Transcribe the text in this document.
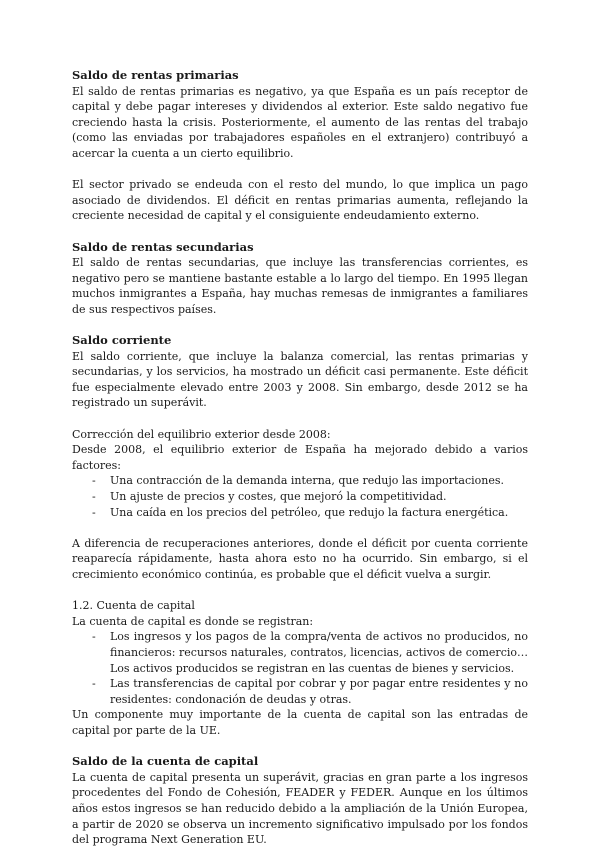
Saldo de rentas primarias

El saldo de rentas primarias es negativo, ya que España es un país receptor de capital y debe pagar intereses y dividendos al exterior. Este saldo negativo fue creciendo hasta la crisis. Posteriormente, el aumento de las rentas del trabajo (como las enviadas por trabajadores españoles en el extranjero) contribuyó a acercar la cuenta a un cierto equilibrio.

El sector privado se endeuda con el resto del mundo, lo que implica un pago asociado de dividendos. El déficit en rentas primarias aumenta, reflejando la creciente necesidad de capital y el consiguiente endeudamiento externo.

Saldo de rentas secundarias

El saldo de rentas secundarias, que incluye las transferencias corrientes, es negativo pero se mantiene bastante estable a lo largo del tiempo. En 1995 llegan muchos inmigrantes a España, hay muchas remesas de inmigrantes a familiares de sus respectivos países.

Saldo corriente

El saldo corriente, que incluye la balanza comercial, las rentas primarias y secundarias, y los servicios, ha mostrado un déficit casi permanente. Este déficit fue especialmente elevado entre 2003 y 2008. Sin embargo, desde 2012 se ha registrado un superávit.

Corrección del equilibrio exterior desde 2008:

Desde 2008, el equilibrio exterior de España ha mejorado debido a varios factores:

- Una contracción de la demanda interna, que redujo las importaciones.
- Un ajuste de precios y costes, que mejoró la competitividad.
- Una caída en los precios del petróleo, que redujo la factura energética.

A diferencia de recuperaciones anteriores, donde el déficit por cuenta corriente reaparecía rápidamente, hasta ahora esto no ha ocurrido. Sin embargo, si el crecimiento económico continúa, es probable que el déficit vuelva a surgir.

1.2. Cuenta de capital

La cuenta de capital es donde se registran:

- Los ingresos y los pagos de la compra/venta de activos no producidos, no financieros: recursos naturales, contratos, licencias, activos de comercio… Los activos producidos se registran en las cuentas de bienes y servicios.
- Las transferencias de capital por cobrar y por pagar entre residentes y no residentes: condonación de deudas y otras.

Un componente muy importante de la cuenta de capital son las entradas de capital por parte de la UE.

Saldo de la cuenta de capital

La cuenta de capital presenta un superávit, gracias en gran parte a los ingresos procedentes del Fondo de Cohesión, FEADER y FEDER. Aunque en los últimos años estos ingresos se han reducido debido a la ampliación de la Unión Europea, a partir de 2020 se observa un incremento significativo impulsado por los fondos del programa Next Generation EU.
